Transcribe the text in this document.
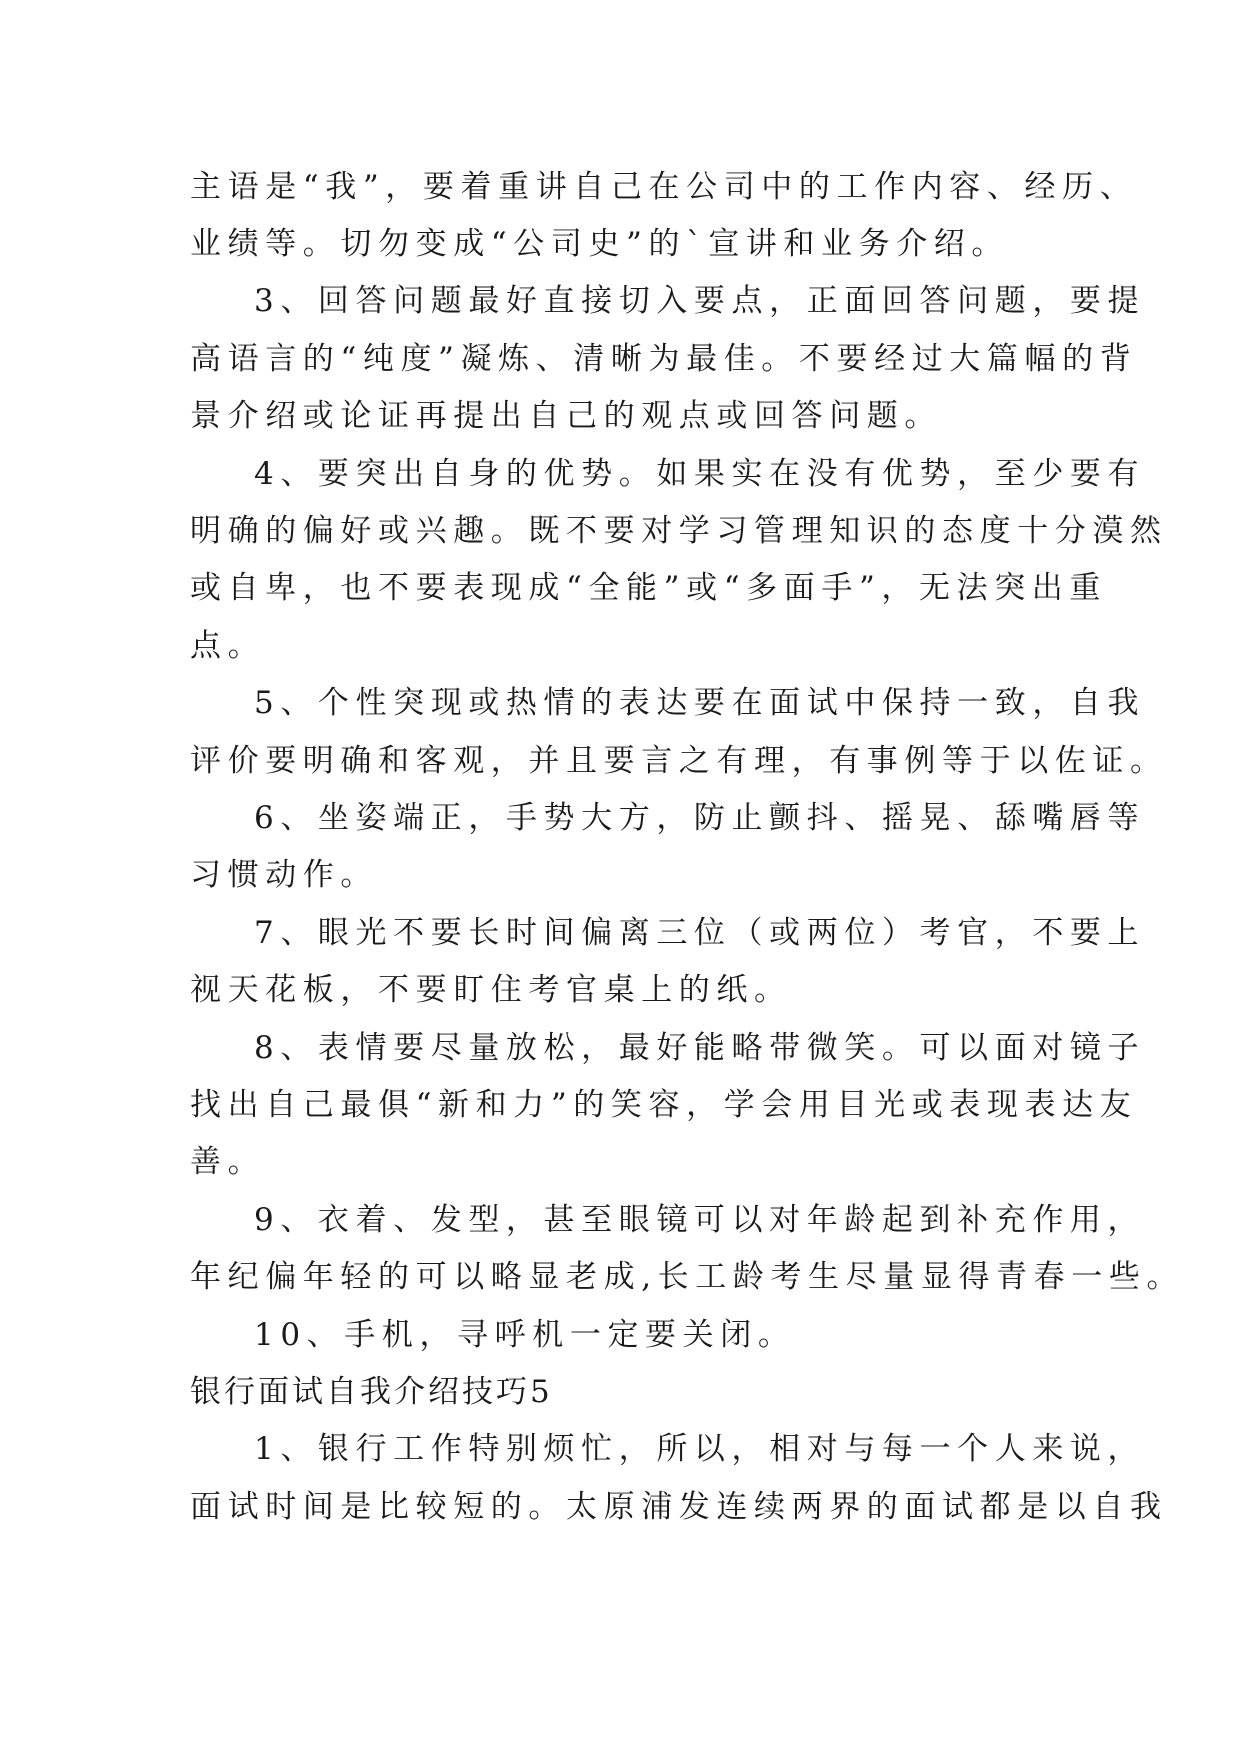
主语是“我”，要着重讲自己在公司中的工作内容、经历、
业绩等。切勿变成“公司史”的`宣讲和业务介绍。
3、回答问题最好直接切入要点，正面回答问题，要提
高语言的“纯度”凝炼、清晰为最佳。不要经过大篇幅的背
景介绍或论证再提出自己的观点或回答问题。
4、要突出自身的优势。如果实在没有优势，至少要有
明确的偏好或兴趣。既不要对学习管理知识的态度十分漠然
或自卑，也不要表现成“全能”或“多面手”，无法突出重
点。
5、个性突现或热情的表达要在面试中保持一致，自我
评价要明确和客观，并且要言之有理，有事例等于以佐证。
6、坐姿端正，手势大方，防止颤抖、摇晃、舔嘴唇等
习惯动作。
7、眼光不要长时间偏离三位（或两位）考官，不要上
视天花板，不要盯住考官桌上的纸。
8、表情要尽量放松，最好能略带微笑。可以面对镜子
找出自己最俱“新和力”的笑容，学会用目光或表现表达友
善。
9、衣着、发型，甚至眼镜可以对年龄起到补充作用，
年纪偏年轻的可以略显老成,长工龄考生尽量显得青春一些。
10、手机，寻呼机一定要关闭。
银行面试自我介绍技巧5
1、银行工作特别烦忙，所以，相对与每一个人来说，
面试时间是比较短的。太原浦发连续两界的面试都是以自我
